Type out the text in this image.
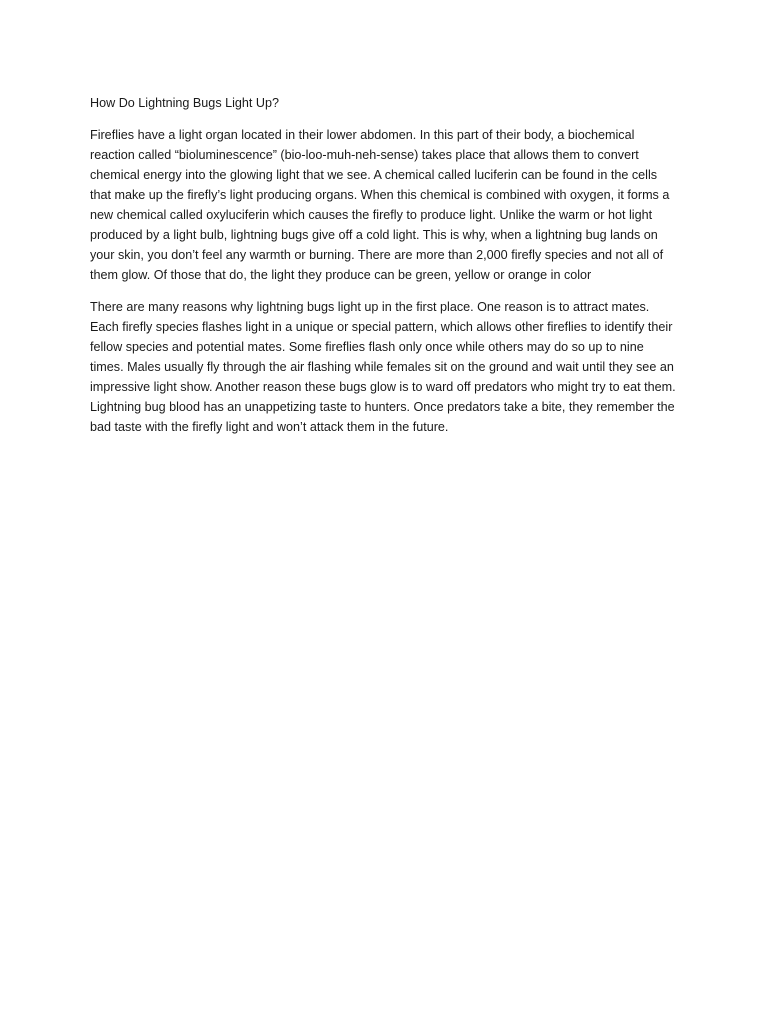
How Do Lightning Bugs Light Up?

Fireflies have a light organ located in their lower abdomen. In this part of their body, a biochemical reaction called “bioluminescence” (bio-loo-muh-neh-sense) takes place that allows them to convert chemical energy into the glowing light that we see. A chemical called luciferin can be found in the cells that make up the firefly’s light producing organs. When this chemical is combined with oxygen, it forms a new chemical called oxyluciferin which causes the firefly to produce light. Unlike the warm or hot light produced by a light bulb, lightning bugs give off a cold light. This is why, when a lightning bug lands on your skin, you don’t feel any warmth or burning. There are more than 2,000 firefly species and not all of them glow. Of those that do, the light they produce can be green, yellow or orange in color

There are many reasons why lightning bugs light up in the first place. One reason is to attract mates. Each firefly species flashes light in a unique or special pattern, which allows other fireflies to identify their fellow species and potential mates. Some fireflies flash only once while others may do so up to nine times. Males usually fly through the air flashing while females sit on the ground and wait until they see an impressive light show. Another reason these bugs glow is to ward off predators who might try to eat them. Lightning bug blood has an unappetizing taste to hunters. Once predators take a bite, they remember the bad taste with the firefly light and won’t attack them in the future.
